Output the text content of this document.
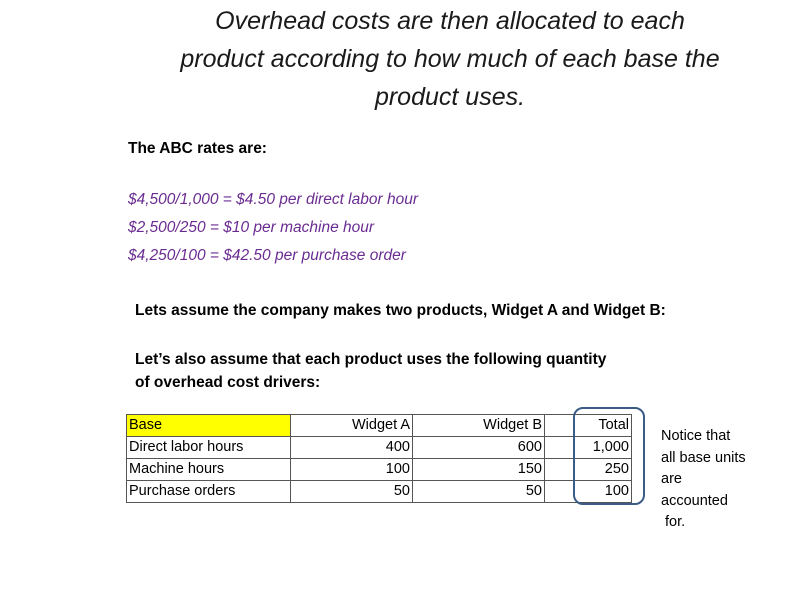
Overhead costs are then allocated to each
product according to how much of each base the
product uses.
The ABC rates are:
$4,500/1,000 = $4.50 per direct labor hour
$2,500/250 = $10 per machine hour
$4,250/100 = $42.50 per purchase order
Lets assume the company makes two products, Widget A and Widget B:
Let’s also assume that each product uses the following quantity
of overhead cost drivers:
Base	Widget A	Widget B	Total
Direct labor hours	400	600	1,000
Machine hours	100	150	250
Purchase orders	50	50	100
Notice that
all base units
are
accounted
for.
